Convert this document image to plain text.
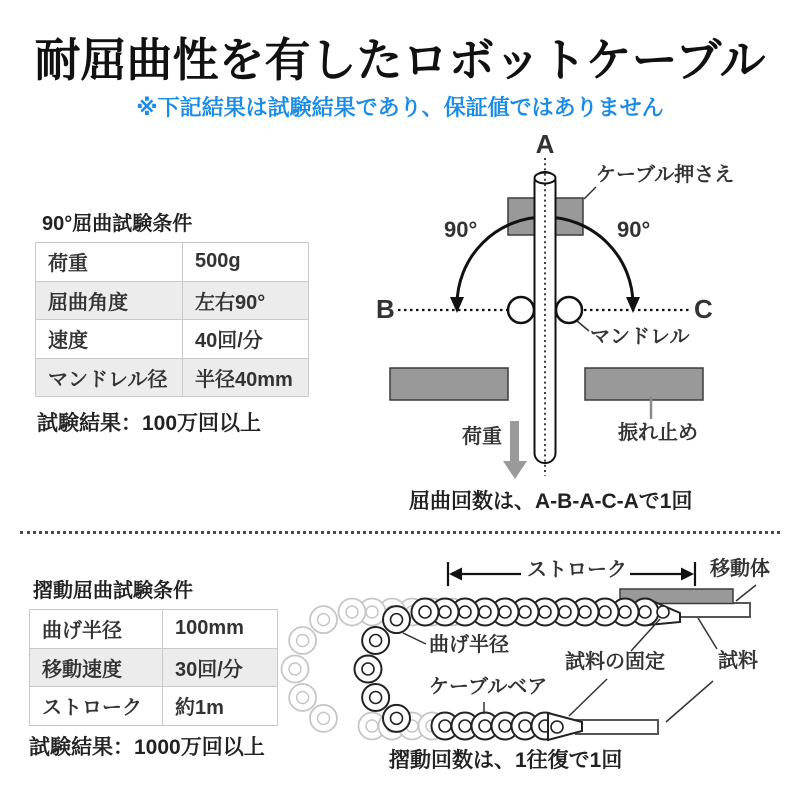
耐屈曲性を有したロボットケーブル
※下記結果は試験結果であり、保証値ではありません
90°屈曲試験条件
荷重	500g
屈曲角度	左右90°
速度	40回/分
マンドレル径	半径40mm
試験結果：100万回以上
A
ケーブル押さえ
90°	90°
B	C
マンドレル
振れ止め
荷重
屈曲回数は、A-B-A-C-Aで1回
摺動屈曲試験条件
曲げ半径	100mm
移動速度	30回/分
ストローク	約1m
試験結果：1000万回以上
ストローク	移動体
曲げ半径
ケーブルベア
試料の固定	試料
摺動回数は、1往復で1回
